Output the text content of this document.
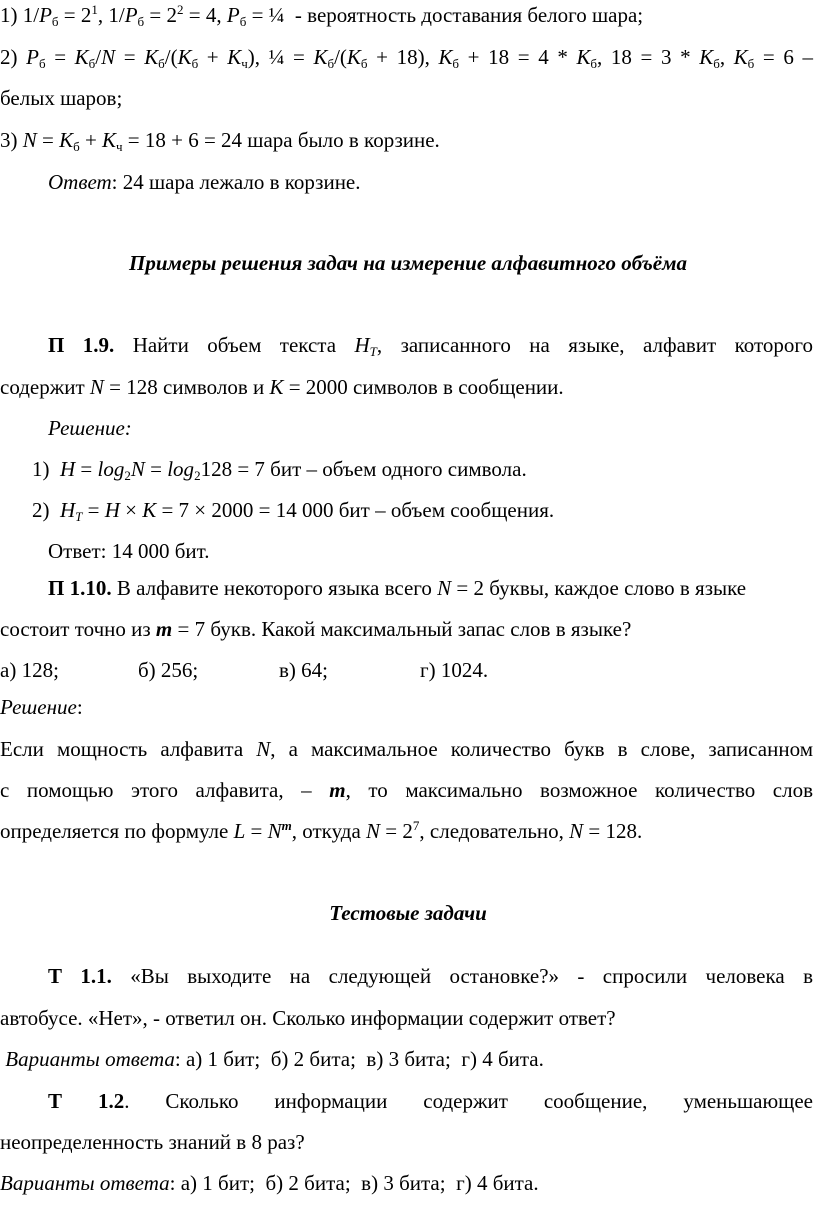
1) $1/P_б = 2^1$, $1/P_б = 2^2 = 4$, $P_б$ = ¼  - вероятность доставания белого шара;
2) $P_б = К_б/N = К_б/(К_б + К_ч)$, ¼ = $К_б/(К_б + 18)$, $К_б + 18 = 4 * К_б$, $18 = 3 * К_б$, $К_б = 6$ –
белых шаров;
3) $N = К_б + К_ч = 18 + 6 = 24$ шара было в корзине.
Ответ: 24 шара лежало в корзине.
Примеры решения задач на измерение алфавитного объёма
П 1.9. Найти объем текста $Н_Т$, записанного на языке, алфавит которого
содержит N = 128 символов и К = 2000 символов в сообщении.
Решение:
1)  $Н = \log_2N = \log_2128 = 7$ бит – объем одного символа.
2)  $Н_Т = Н \times К = 7 \times 2000 = 14$ 000 бит – объем сообщения.
Ответ: 14 000 бит.
П 1.10. В алфавите некоторого языка всего N = 2 буквы, каждое слово в языке
состоит точно из m = 7 букв. Какой максимальный запас слов в языке?
а) 128;	б) 256;	в) 64;	г) 1024.
Решение:
Если мощность алфавита N, а максимальное количество букв в слове, записанном
с помощью этого алфавита, – m, то максимально возможное количество слов
определяется по формуле $L = N^m$, откуда $N = 2^7$, следовательно, N = 128.
Тестовые задачи
Т 1.1. «Вы выходите на следующей остановке?» - спросили человека в
автобусе. «Нет», - ответил он. Сколько информации содержит ответ?
Варианты ответа: а) 1 бит;  б) 2 бита;  в) 3 бита;  г) 4 бита.
Т 1.2. Сколько информации содержит сообщение, уменьшающее
неопределенность знаний в 8 раз?
Варианты ответа: а) 1 бит;  б) 2 бита;  в) 3 бита;  г) 4 бита.
